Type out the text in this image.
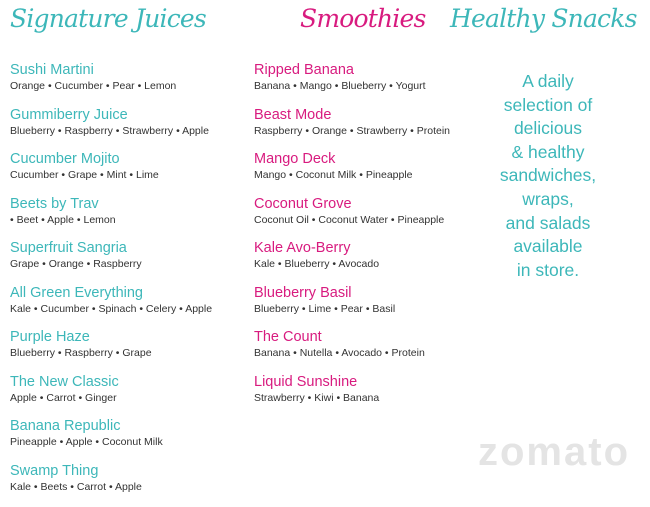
zomato
Signature Juices	Smoothies Healthy Snacks
Sushi Martini
Orange • Cucumber • Pear • Lemon
Gummiberry Juice
Blueberry • Raspberry • Strawberry • Apple
Cucumber Mojito
Cucumber • Grape • Mint • Lime
Beets by Trav
• Beet • Apple • Lemon
Superfruit Sangria
Grape • Orange • Raspberry
All Green Everything
Kale • Cucumber • Spinach • Celery • Apple
Purple Haze
Blueberry • Raspberry • Grape
The New Classic
Apple • Carrot • Ginger
Banana Republic
Pineapple • Apple • Coconut Milk
Swamp Thing
Kale • Beets • Carrot • Apple
Ripped Banana
Banana • Mango • Blueberry • Yogurt
Beast Mode
Raspberry • Orange • Strawberry • Protein
Mango Deck
Mango • Coconut Milk • Pineapple
Coconut Grove
Coconut Oil • Coconut Water • Pineapple
Kale Avo-Berry
Kale • Blueberry • Avocado
Blueberry Basil
Blueberry • Lime • Pear • Basil
The Count
Banana • Nutella • Avocado • Protein
Liquid Sunshine
Strawberry • Kiwi • Banana
A daily
selection of
delicious
& healthy
sandwiches,
wraps,
and salads
available
in store.
